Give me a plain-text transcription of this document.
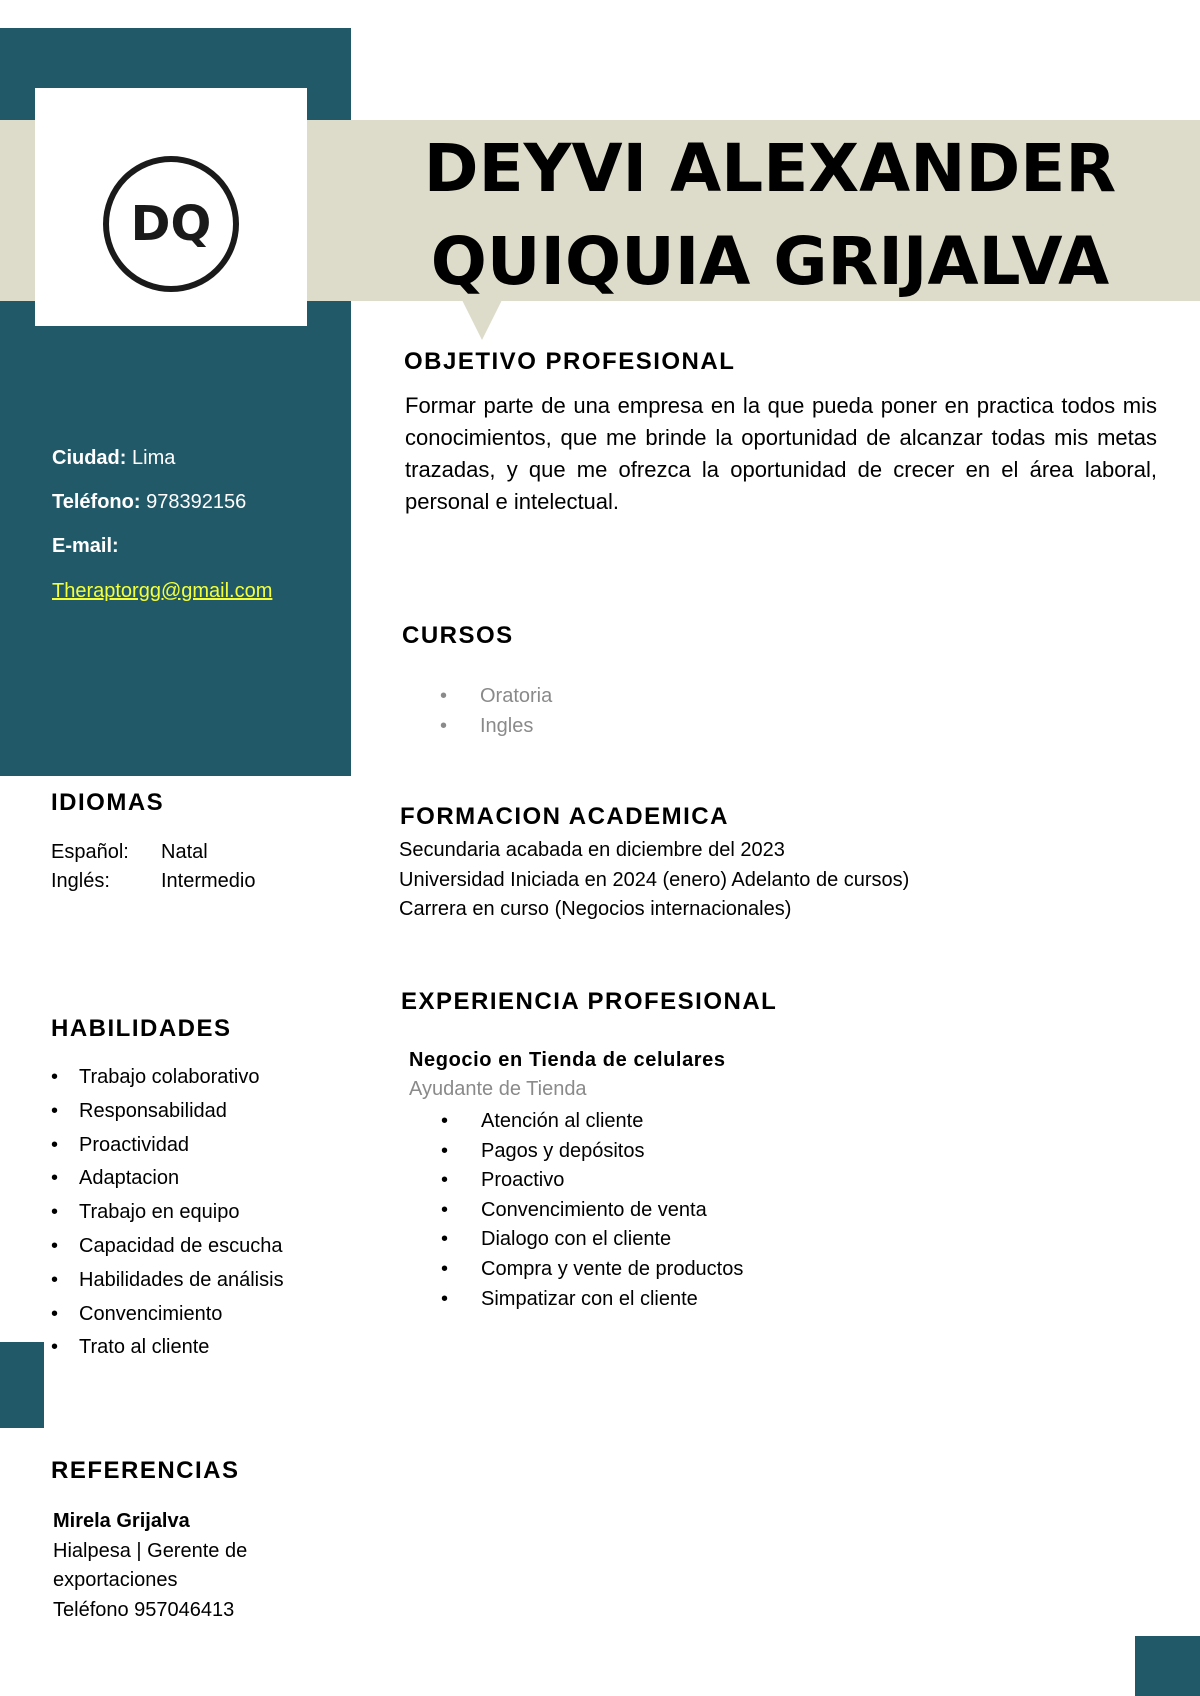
DQ
DEYVI ALEXANDER
QUIQUIA GRIJALVA
Ciudad: Lima
Teléfono: 978392156
E-mail:
Theraptorgg@gmail.com
OBJETIVO PROFESIONAL
Formar parte de una empresa en la que pueda poner en practica todos mis conocimientos, que me brinde la oportunidad de alcanzar todas mis metas trazadas, y que me ofrezca la oportunidad de crecer en el área laboral, personal e intelectual.
CURSOS
• Oratoria
• Ingles
FORMACION ACADEMICA
Secundaria acabada en diciembre del 2023
Universidad Iniciada en 2024 (enero) Adelanto de cursos)
Carrera en curso (Negocios internacionales)
EXPERIENCIA PROFESIONAL
Negocio en Tienda de celulares
Ayudante de Tienda
• Atención al cliente
• Pagos y depósitos
• Proactivo
• Convencimiento de venta
• Dialogo con el cliente
• Compra y vente de productos
• Simpatizar con el cliente
IDIOMAS
Español: Natal
Inglés:	Intermedio
HABILIDADES
• Trabajo colaborativo
• Responsabilidad
• Proactividad
• Adaptacion
• Trabajo en equipo
• Capacidad de escucha
• Habilidades de análisis
• Convencimiento
• Trato al cliente
REFERENCIAS
Mirela Grijalva
Hialpesa | Gerente de
exportaciones
Teléfono 957046413
